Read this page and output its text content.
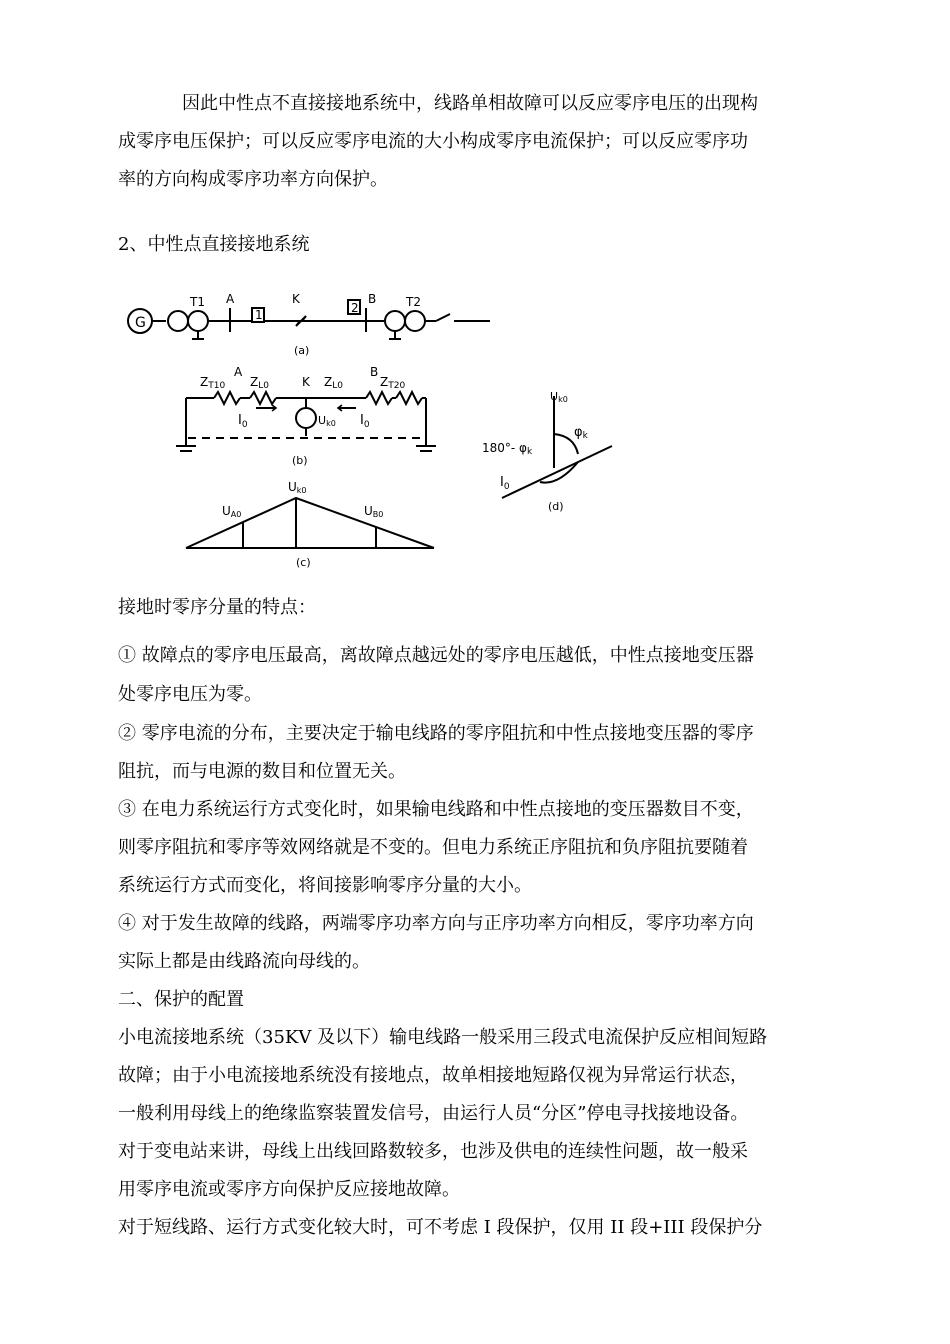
因此中性点不直接接地系统中，线路单相故障可以反应零序电压的出现构
成零序电压保护；可以反应零序电流的大小构成零序电流保护；可以反应零序功
率的方向构成零序功率方向保护。
2、中性点直接接地系统
G
T1 A
1
K
2
B T2
(a)
ZT10
A
ZL0	K ZL0
B
ZT20
$I_0$	Uk0 $I_0$
(b)
UA0
Uk0
UB0
(c)
Uk0
φk
180°- φk
$I_0$
(d)
接地时零序分量的特点：
① 故障点的零序电压最高，离故障点越远处的零序电压越低，中性点接地变压器
处零序电压为零。
② 零序电流的分布，主要决定于输电线路的零序阻抗和中性点接地变压器的零序
阻抗，而与电源的数目和位置无关。
③ 在电力系统运行方式变化时，如果输电线路和中性点接地的变压器数目不变，
则零序阻抗和零序等效网络就是不变的。但电力系统正序阻抗和负序阻抗要随着
系统运行方式而变化，将间接影响零序分量的大小。
④ 对于发生故障的线路，两端零序功率方向与正序功率方向相反，零序功率方向
实际上都是由线路流向母线的。
二、保护的配置
小电流接地系统（35KV 及以下）输电线路一般采用三段式电流保护反应相间短路
故障；由于小电流接地系统没有接地点，故单相接地短路仅视为异常运行状态，
一般利用母线上的绝缘监察装置发信号，由运行人员“分区”停电寻找接地设备。
对于变电站来讲，母线上出线回路数较多，也涉及供电的连续性问题，故一般采
用零序电流或零序方向保护反应接地故障。
对于短线路、运行方式变化较大时，可不考虑 I 段保护，仅用 II 段+III 段保护分
